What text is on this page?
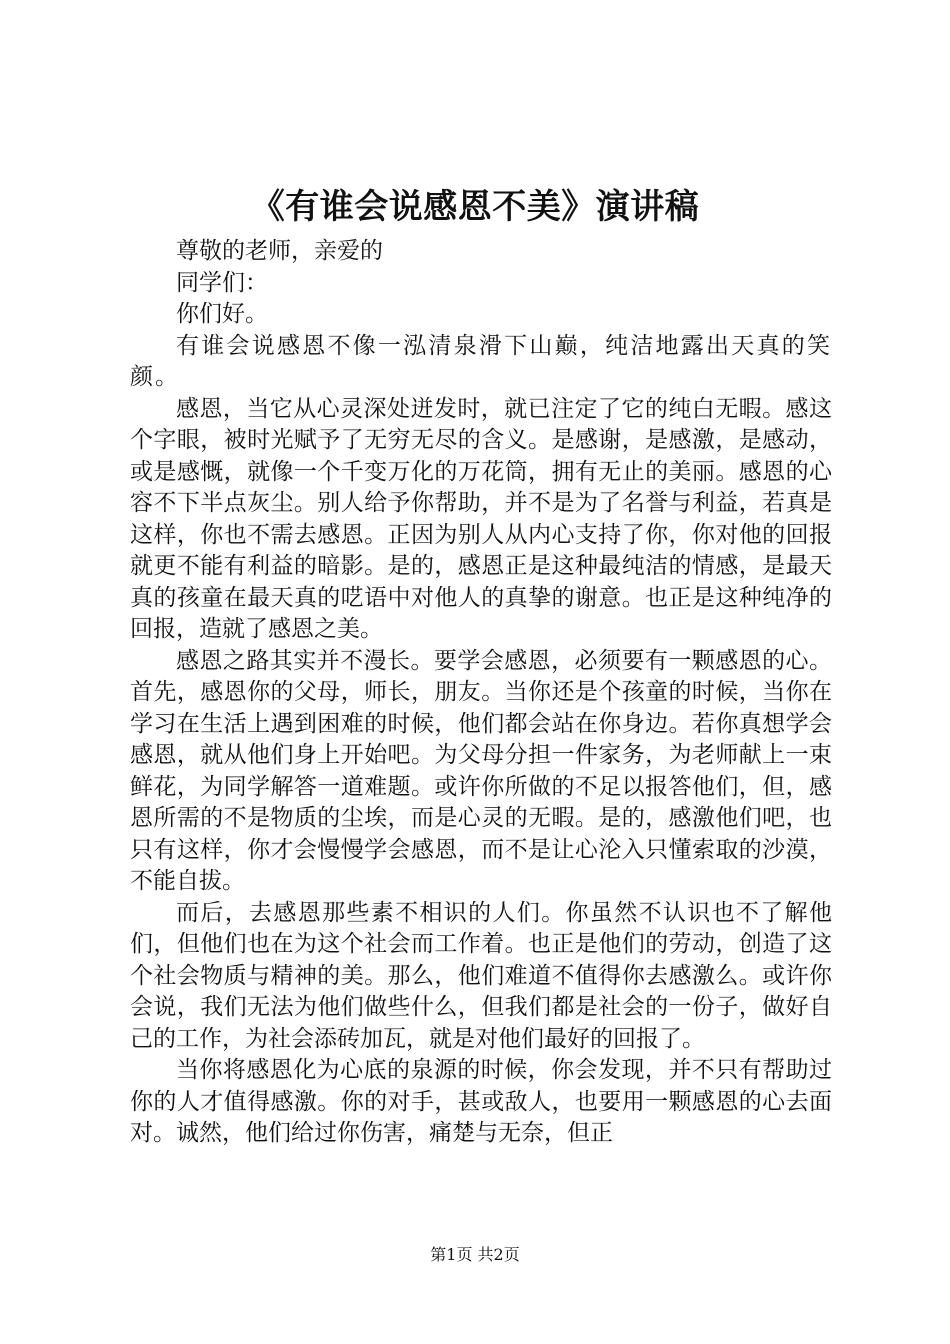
《有谁会说感恩不美》演讲稿

尊敬的老师，亲爱的

同学们：

你们好。

有谁会说感恩不像一泓清泉滑下山巅，纯洁地露出天真的笑颜。

感恩，当它从心灵深处迸发时，就已注定了它的纯白无暇。感这个字眼，被时光赋予了无穷无尽的含义。是感谢，是感激，是感动，或是感慨，就像一个千变万化的万花筒，拥有无止的美丽。感恩的心容不下半点灰尘。别人给予你帮助，并不是为了名誉与利益，若真是这样，你也不需去感恩。正因为别人从内心支持了你，你对他的回报就更不能有利益的暗影。是的，感恩正是这种最纯洁的情感，是最天真的孩童在最天真的呓语中对他人的真挚的谢意。也正是这种纯净的回报，造就了感恩之美。

感恩之路其实并不漫长。要学会感恩，必须要有一颗感恩的心。首先，感恩你的父母，师长，朋友。当你还是个孩童的时候，当你在学习在生活上遇到困难的时候，他们都会站在你身边。若你真想学会感恩，就从他们身上开始吧。为父母分担一件家务，为老师献上一束鲜花，为同学解答一道难题。或许你所做的不足以报答他们，但，感恩所需的不是物质的尘埃，而是心灵的无暇。是的，感激他们吧，也只有这样，你才会慢慢学会感恩，而不是让心沦入只懂索取的沙漠，不能自拔。

而后，去感恩那些素不相识的人们。你虽然不认识也不了解他们，但他们也在为这个社会而工作着。也正是他们的劳动，创造了这个社会物质与精神的美。那么，他们难道不值得你去感激么。或许你会说，我们无法为他们做些什么，但我们都是社会的一份子，做好自己的工作，为社会添砖加瓦，就是对他们最好的回报了。

当你将感恩化为心底的泉源的时候，你会发现，并不只有帮助过你的人才值得感激。你的对手，甚或敌人，也要用一颗感恩的心去面对。诚然，他们给过你伤害，痛楚与无奈，但正

第1页 共2页
